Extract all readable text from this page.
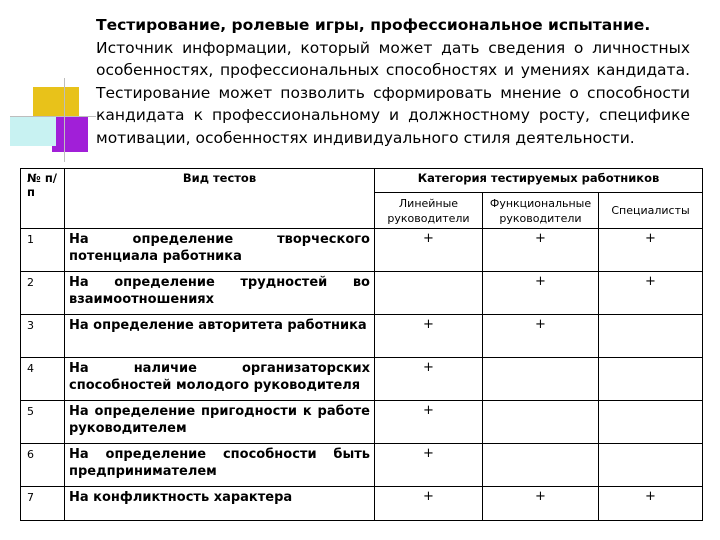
Тестирование, ролевые игры, профессиональное испытание.
Источник информации, который может дать сведения о личностных особенностях, профессиональных способностях и умениях кандидата. Тестирование может позволить сформировать мнение о способности кандидата к профессиональному и должностному росту, специфике мотивации, особенностях индивидуального стиля деятельности.
№ п/п	Вид тестов	Категория тестируемых работников		
		Линейные руководители	Функциональные руководители	Специалисты
1	На определение творческого потенциала работника	+	+	+
2	На определение трудностей во взаимоотношениях		+	+
3	На определение авторитета работника	+	+	
4	На наличие организаторских способностей молодого руководителя	+		
5	На определение пригодности к работе руководителем	+		
6	На определение способности быть предпринимателем	+		
7	На конфликтность характера	+	+	+
